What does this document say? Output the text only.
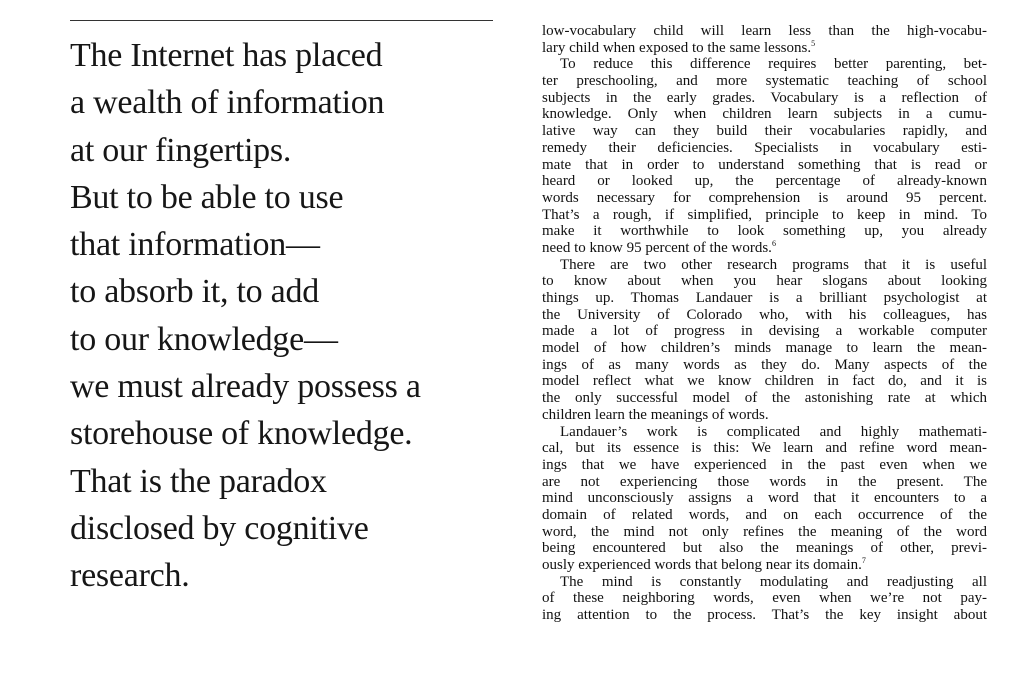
The Internet has placed
a wealth of information
at our fingertips.
But to be able to use
that information—
to absorb it, to add
to our knowledge—
we must already possess a
storehouse of knowledge.
That is the paradox
disclosed by cognitive
research.
low-vocabulary child will learn less than the high-vocabu-
lary child when exposed to the same lessons.$^5$
To reduce this difference requires better parenting, bet-
ter preschooling, and more systematic teaching of school
subjects in the early grades. Vocabulary is a reflection of
knowledge. Only when children learn subjects in a cumu-
lative way can they build their vocabularies rapidly, and
remedy their deficiencies. Specialists in vocabulary esti-
mate that in order to understand something that is read or
heard or looked up, the percentage of already-known
words necessary for comprehension is around 95 percent.
That’s a rough, if simplified, principle to keep in mind. To
make it worthwhile to look something up, you already
need to know 95 percent of the words.$^6$
There are two other research programs that it is useful
to know about when you hear slogans about looking
things up. Thomas Landauer is a brilliant psychologist at
the University of Colorado who, with his colleagues, has
made a lot of progress in devising a workable computer
model of how children’s minds manage to learn the mean-
ings of as many words as they do. Many aspects of the
model reflect what we know children in fact do, and it is
the only successful model of the astonishing rate at which
children learn the meanings of words.
Landauer’s work is complicated and highly mathemati-
cal, but its essence is this: We learn and refine word mean-
ings that we have experienced in the past even when we
are not experiencing those words in the present. The
mind unconsciously assigns a word that it encounters to a
domain of related words, and on each occurrence of the
word, the mind not only refines the meaning of the word
being encountered but also the meanings of other, previ-
ously experienced words that belong near its domain.$^7$
The mind is constantly modulating and readjusting all
of these neighboring words, even when we’re not pay-
ing attention to the process. That’s the key insight about
